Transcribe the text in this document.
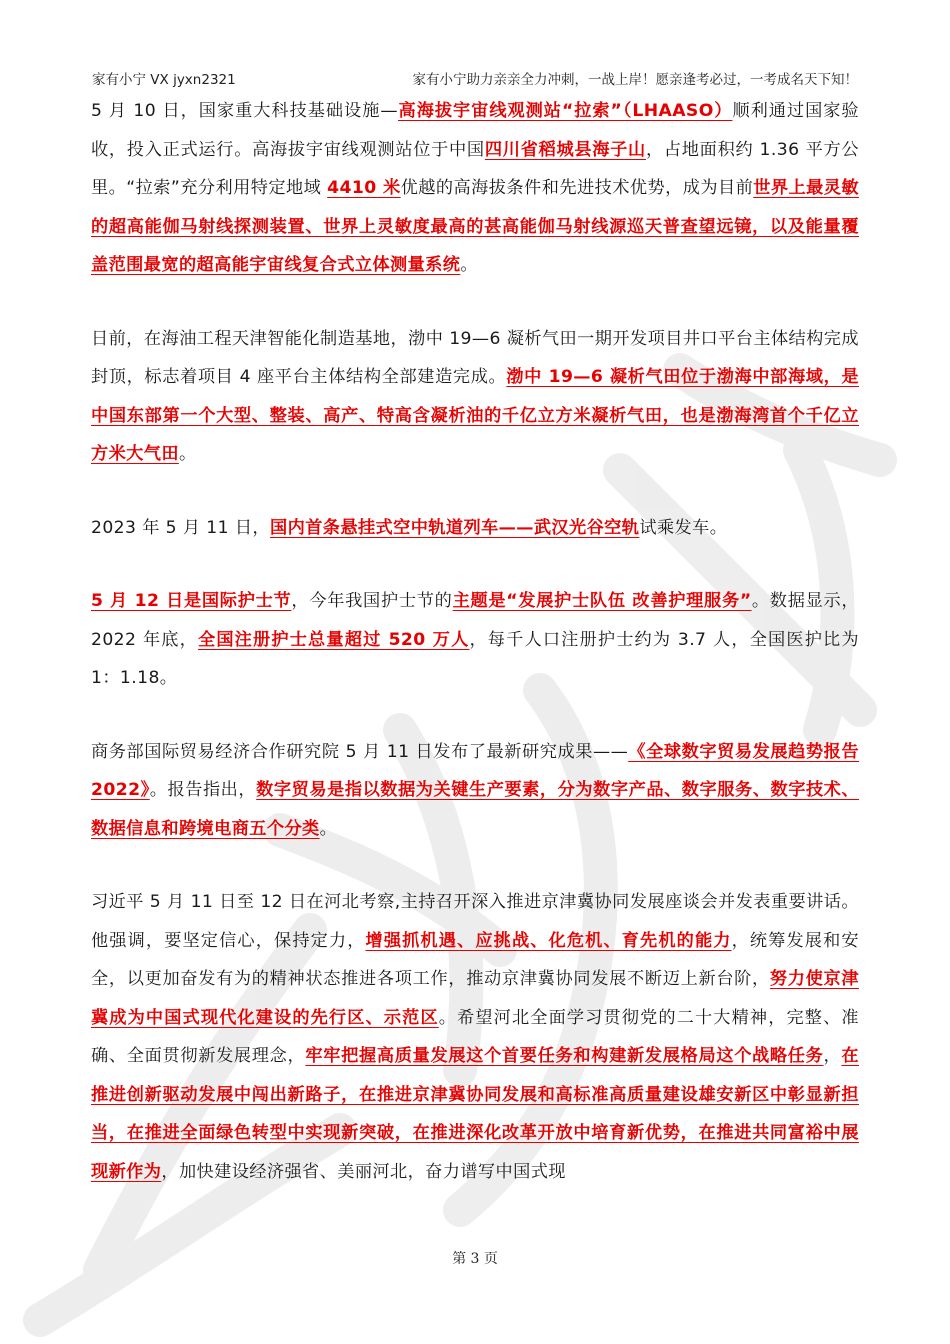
家有小宁 VX jyxn2321	家有小宁助力亲亲全力冲刺，一战上岸！愿亲逢考必过，一考成名天下知！

5 月 10 日，国家重大科技基础设施—高海拔宇宙线观测站“拉索”（LHAASO）顺利通过国家验收，投入正式运行。高海拔宇宙线观测站位于中国四川省稻城县海子山，占地面积约 1.36 平方公里。“拉索”充分利用特定地域 4410 米优越的高海拔条件和先进技术优势，成为目前世界上最灵敏的超高能伽马射线探测装置、世界上灵敏度最高的甚高能伽马射线源巡天普查望远镜，以及能量覆盖范围最宽的超高能宇宙线复合式立体测量系统。

日前，在海油工程天津智能化制造基地，渤中 19—6 凝析气田一期开发项目井口平台主体结构完成封顶，标志着项目 4 座平台主体结构全部建造完成。渤中 19—6 凝析气田位于渤海中部海域，是中国东部第一个大型、整装、高产、特高含凝析油的千亿立方米凝析气田，也是渤海湾首个千亿立方米大气田。

2023 年 5 月 11 日，国内首条悬挂式空中轨道列车——武汉光谷空轨试乘发车。

5 月 12 日是国际护士节，今年我国护士节的主题是“发展护士队伍 改善护理服务”。数据显示，2022 年底，全国注册护士总量超过 520 万人，每千人口注册护士约为 3.7 人，全国医护比为 1：1.18。

商务部国际贸易经济合作研究院 5 月 11 日发布了最新研究成果——《全球数字贸易发展趋势报告 2022》。报告指出，数字贸易是指以数据为关键生产要素，分为数字产品、数字服务、数字技术、数据信息和跨境电商五个分类。

习近平 5 月 11 日至 12 日在河北考察,主持召开深入推进京津冀协同发展座谈会并发表重要讲话。他强调，要坚定信心，保持定力，增强抓机遇、应挑战、化危机、育先机的能力，统筹发展和安全，以更加奋发有为的精神状态推进各项工作，推动京津冀协同发展不断迈上新台阶，努力使京津冀成为中国式现代化建设的先行区、示范区。希望河北全面学习贯彻党的二十大精神，完整、准确、全面贯彻新发展理念，牢牢把握高质量发展这个首要任务和构建新发展格局这个战略任务，在推进创新驱动发展中闯出新路子，在推进京津冀协同发展和高标准高质量建设雄安新区中彰显新担当，在推进全面绿色转型中实现新突破，在推进深化改革开放中培育新优势，在推进共同富裕中展现新作为，加快建设经济强省、美丽河北，奋力谱写中国式现

第 3 页
